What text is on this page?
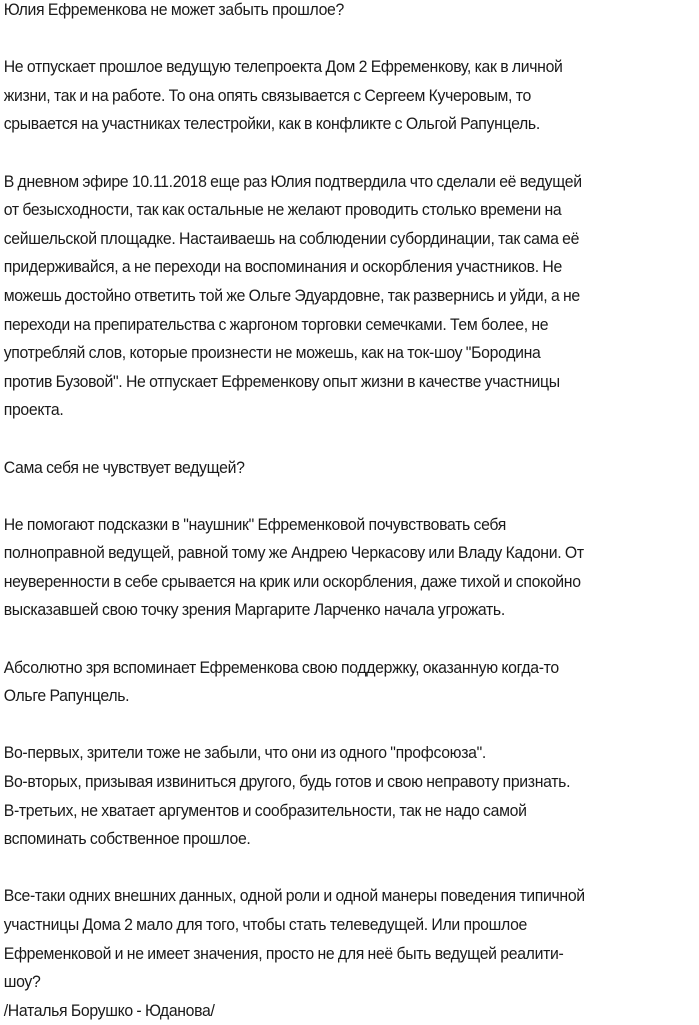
Юлия Ефременкова не может забыть прошлое?
Не отпускает прошлое ведущую телепроекта Дом 2 Ефременкову, как в личной
жизни, так и на работе. То она опять связывается с Сергеем Кучеровым, то
срывается на участниках телестройки, как в конфликте с Ольгой Рапунцель.
В дневном эфире 10.11.2018 еще раз Юлия подтвердила что сделали её ведущей
от безысходности, так как остальные не желают проводить столько времени на
сейшельской площадке. Настаиваешь на соблюдении субординации, так сама её
придерживайся, а не переходи на воспоминания и оскорбления участников. Не
можешь достойно ответить той же Ольге Эдуардовне, так развернись и уйди, а не
переходи на препирательства с жаргоном торговки семечками. Тем более, не
употребляй слов, которые произнести не можешь, как на ток-шоу "Бородина
против Бузовой". Не отпускает Ефременкову опыт жизни в качестве участницы
проекта.
Сама себя не чувствует ведущей?
Не помогают подсказки в "наушник" Ефременковой почувствовать себя
полноправной ведущей, равной тому же Андрею Черкасову или Владу Кадони. От
неуверенности в себе срывается на крик или оскорбления, даже тихой и спокойно
высказавшей свою точку зрения Маргарите Ларченко начала угрожать.
Абсолютно зря вспоминает Ефременкова свою поддержку, оказанную когда-то
Ольге Рапунцель.
Во-первых, зрители тоже не забыли, что они из одного "профсоюза".
Во-вторых, призывая извиниться другого, будь готов и свою неправоту признать.
В-третьих, не хватает аргументов и сообразительности, так не надо самой
вспоминать собственное прошлое.
Все-таки одних внешних данных, одной роли и одной манеры поведения типичной
участницы Дома 2 мало для того, чтобы стать телеведущей. Или прошлое
Ефременковой и не имеет значения, просто не для неё быть ведущей реалити-
шоу?
/Наталья Борушко - Юданова/
